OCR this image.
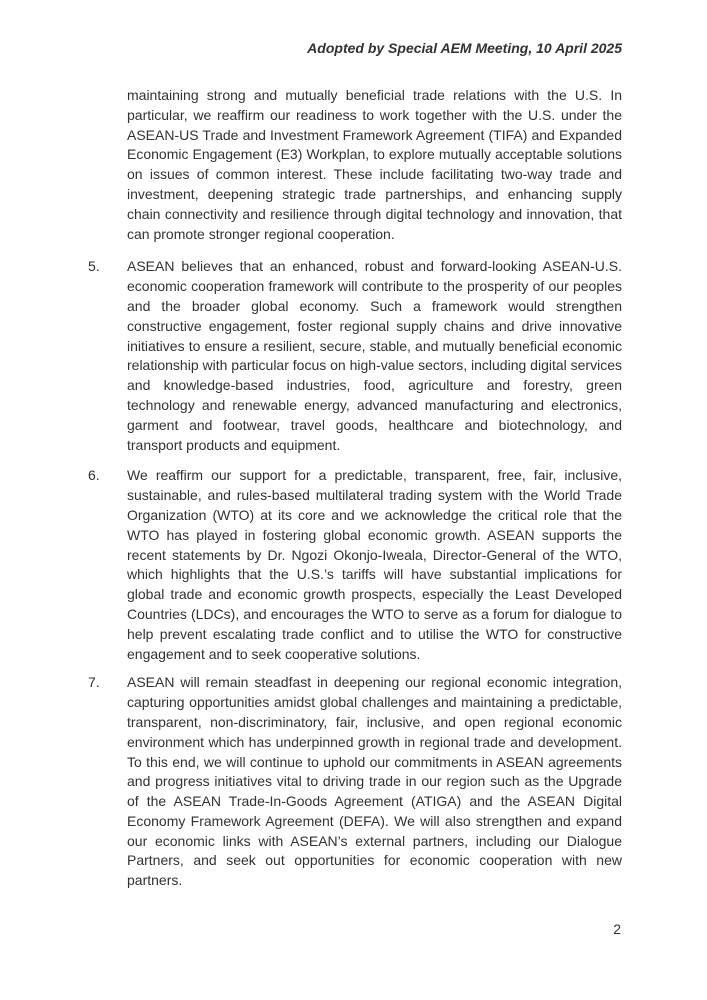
Adopted by Special AEM Meeting, 10 April 2025

maintaining strong and mutually beneficial trade relations with the U.S. In particular, we reaffirm our readiness to work together with the U.S. under the ASEAN-US Trade and Investment Framework Agreement (TIFA) and Expanded Economic Engagement (E3) Workplan, to explore mutually acceptable solutions on issues of common interest. These include facilitating two-way trade and investment, deepening strategic trade partnerships, and enhancing supply chain connectivity and resilience through digital technology and innovation, that can promote stronger regional cooperation.

5. ASEAN believes that an enhanced, robust and forward-looking ASEAN-U.S. economic cooperation framework will contribute to the prosperity of our peoples and the broader global economy. Such a framework would strengthen constructive engagement, foster regional supply chains and drive innovative initiatives to ensure a resilient, secure, stable, and mutually beneficial economic relationship with particular focus on high-value sectors, including digital services and knowledge-based industries, food, agriculture and forestry, green technology and renewable energy, advanced manufacturing and electronics, garment and footwear, travel goods, healthcare and biotechnology, and transport products and equipment.
6. We reaffirm our support for a predictable, transparent, free, fair, inclusive, sustainable, and rules-based multilateral trading system with the World Trade Organization (WTO) at its core and we acknowledge the critical role that the WTO has played in fostering global economic growth. ASEAN supports the recent statements by Dr. Ngozi Okonjo-Iweala, Director-General of the WTO, which highlights that the U.S.’s tariffs will have substantial implications for global trade and economic growth prospects, especially the Least Developed Countries (LDCs), and encourages the WTO to serve as a forum for dialogue to help prevent escalating trade conflict and to utilise the WTO for constructive engagement and to seek cooperative solutions.
7. ASEAN will remain steadfast in deepening our regional economic integration, capturing opportunities amidst global challenges and maintaining a predictable, transparent, non-discriminatory, fair, inclusive, and open regional economic environment which has underpinned growth in regional trade and development. To this end, we will continue to uphold our commitments in ASEAN agreements and progress initiatives vital to driving trade in our region such as the Upgrade of the ASEAN Trade-In-Goods Agreement (ATIGA) and the ASEAN Digital Economy Framework Agreement (DEFA). We will also strengthen and expand our economic links with ASEAN’s external partners, including our Dialogue Partners, and seek out opportunities for economic cooperation with new partners.
2
